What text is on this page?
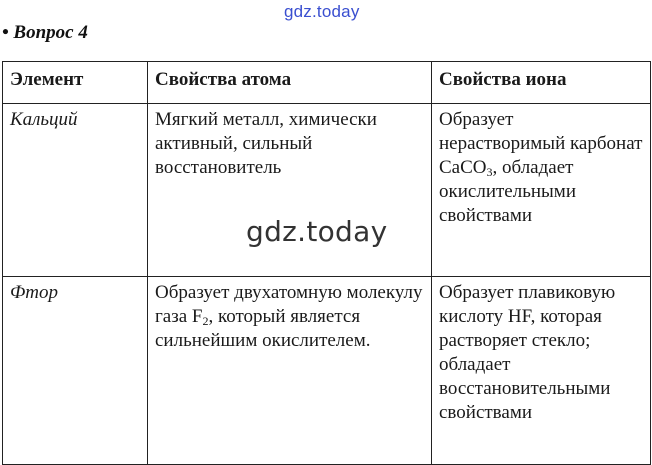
gdz.today
• Вопрос 4
Элемент	Свойства атома	Свойства иона
Кальций	Мягкий металл, химически активный, сильный восстановитель	Образует нерастворимый карбонат CaCO$_3$, обладает окислительными свойствами
Фтор	Образует двухатомную молекулу газа $F_2$, который является сильнейшим окислителем.	Образует плавиковую кислоту HF, которая растворяет стекло; обладает восстановительными свойствами
gdz.today
